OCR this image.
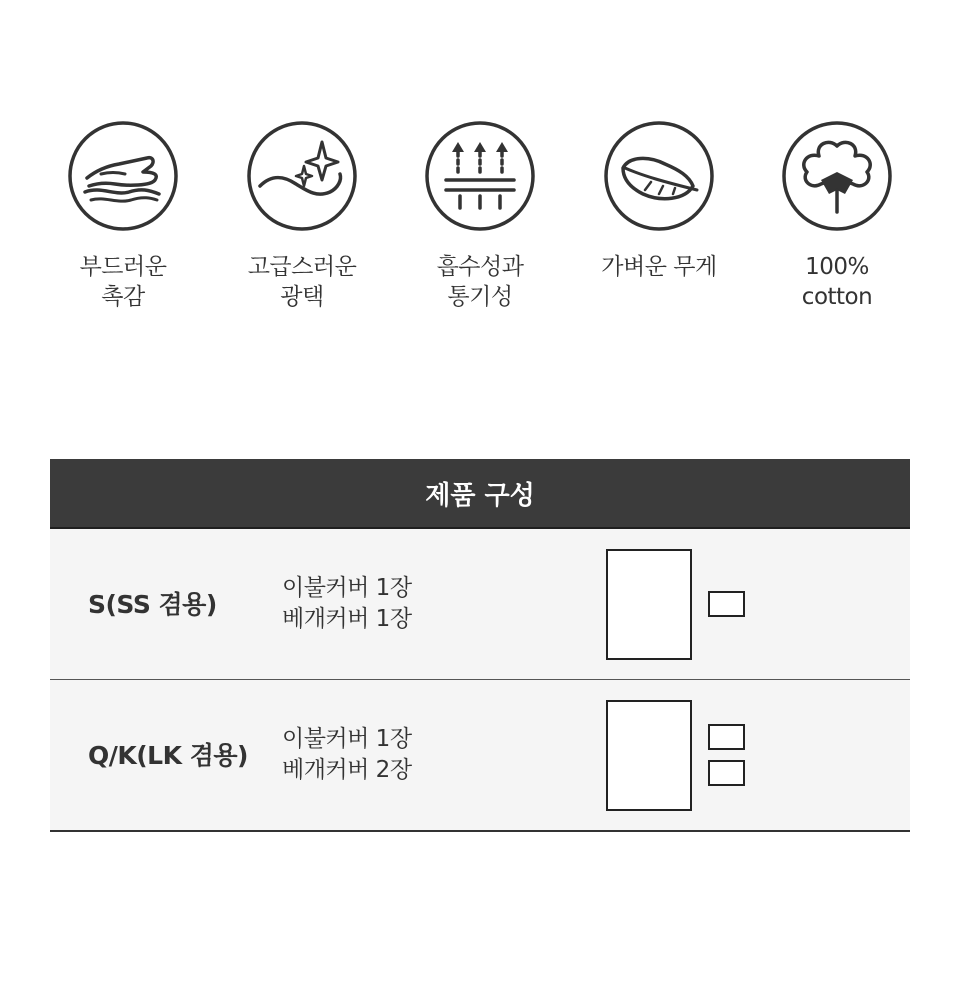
부드러운
촉감
고급스러운
광택
흡수성과
통기성
가벼운 무게	100%
cotton
제품 구성
S(SS 겸용)
이불커버 1장
베개커버 1장
Q/K(LK 겸용)
이불커버 1장
베개커버 2장
